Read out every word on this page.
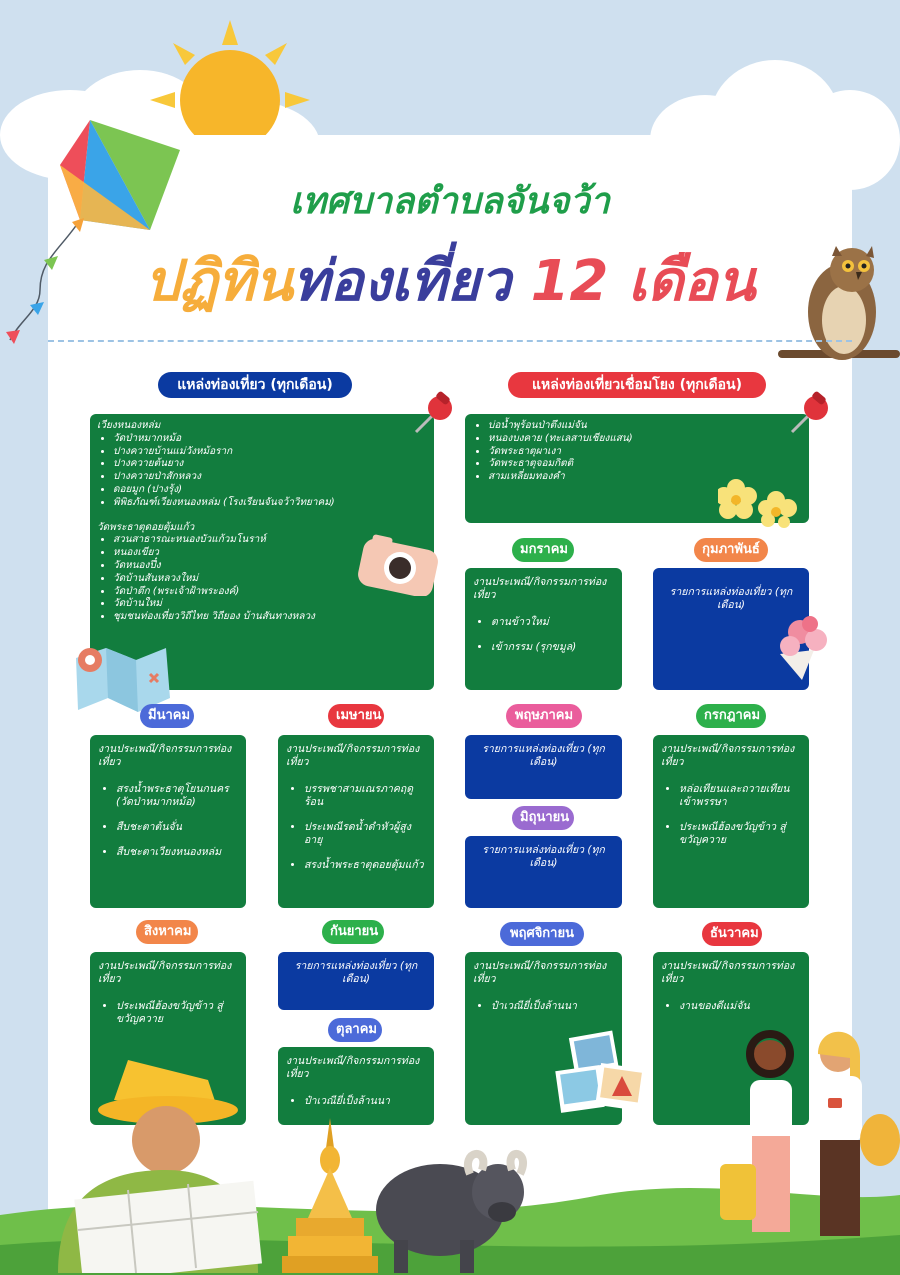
เทศบาลตำบลจันจว้า
ปฏิทินท่องเที่ยว 12 เดือน
แหล่งท่องเที่ยว (ทุกเดือน)	แหล่งท่องเที่ยวเชื่อมโยง (ทุกเดือน)
เวียงหนองหล่ม
• วัดป่าหมากหม้อ
• ปางควายบ้านแม่วังหม้อราก
• ปางควายต้นยาง
• ปางควายป่าสักหลวง
• ดอยมูก (ปางรุ้ง)
• พิพิธภัณฑ์เวียงหนองหล่ม (โรงเรียนจันจว้าวิทยาคม)
วัดพระธาตุดอยตุ้มแก้ว
• สวนสาธารณะหนองบัวแก้วมโนราห์
• หนองเขียว
• วัดหนองปึ๋ง
• วัดบ้านสันหลวงใหม่
• วัดป่าตึก (พระเจ้าฝ้าพระองค์)
• วัดบ้านใหม่
• ชุมชนท่องเที่ยววิถีไทย วิถียอง บ้านสันทางหลวง
• บ่อน้ำพุร้อนป่าตึงแม่จัน
• หนองบงคาย (ทะเลสาบเชียงแสน)
• วัดพระธาตุผาเงา
• วัดพระธาตุจอมกิตติ
• สามเหลี่ยมทองคำ
มกราคม	กุมภาพันธ์
มีนาคม	เมษายน	พฤษภาคม	กรกฎาคม
มิถุนายน
สิงหาคม	กันยายน	พฤศจิกายน	ธันวาคม
ตุลาคม
งานประเพณี/กิจกรรมการท่องเที่ยว
• ตานข้าวใหม่
• เข้ากรรม (รุกขมูล)
รายการแหล่งท่องเที่ยว (ทุกเดือน)
งานประเพณี/กิจกรรมการท่องเที่ยว
• สรงน้ำพระธาตุโยนกนคร (วัดป่าหมากหม้อ)
• สืบชะตาต้นจั่น
• สืบชะตาเวียงหนองหล่ม
งานประเพณี/กิจกรรมการท่องเที่ยว
• บรรพชาสามเณรภาคฤดูร้อน
• ประเพณีรดน้ำดำหัวผู้สูงอายุ
• สรงน้ำพระธาตุดอยตุ้มแก้ว
รายการแหล่งท่องเที่ยว (ทุกเดือน)
รายการแหล่งท่องเที่ยว (ทุกเดือน)
งานประเพณี/กิจกรรมการท่องเที่ยว
• หล่อเทียนและถวายเทียนเข้าพรรษา
• ประเพณีฮ้องขวัญข้าว สู่ขวัญควาย
งานประเพณี/กิจกรรมการท่องเที่ยว
• ประเพณีฮ้องขวัญข้าว สู่ขวัญควาย
รายการแหล่งท่องเที่ยว (ทุกเดือน)
งานประเพณี/กิจกรรมการท่องเที่ยว
• ป๋าเวณียี่เป็งล้านนา
งานประเพณี/กิจกรรมการท่องเที่ยว
• ป๋าเวณียี่เป็งล้านนา
งานประเพณี/กิจกรรมการท่องเที่ยว
• งานของดีแม่จัน
